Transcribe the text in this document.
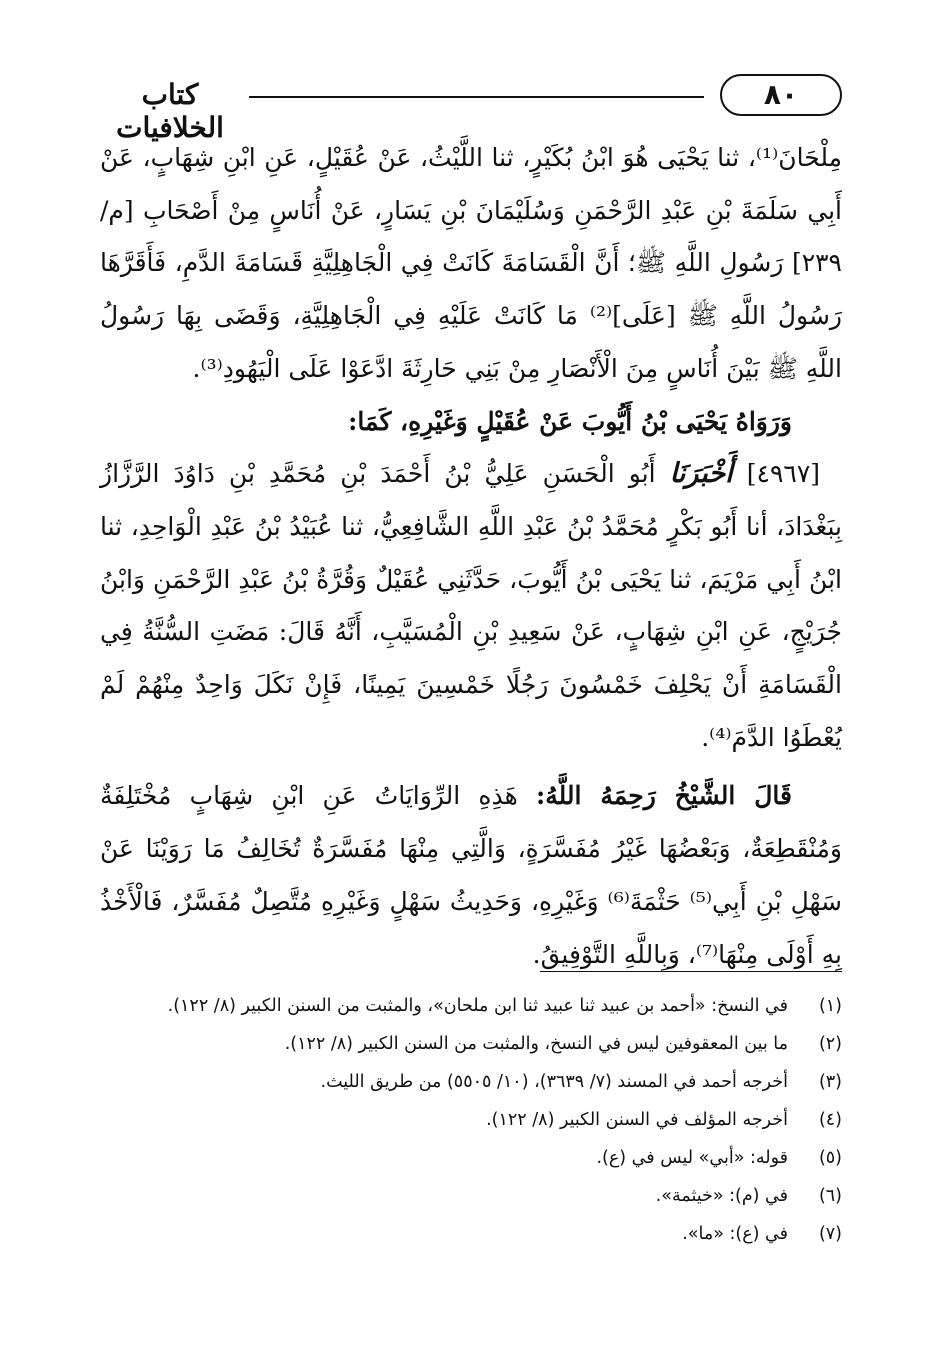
كتاب الخلافيات
٨٠

مِلْحَانَ⁽¹⁾، ثنا يَحْيَى هُوَ ابْنُ بُكَيْرٍ، ثنا اللَّيْثُ، عَنْ عُقَيْلٍ، عَنِ ابْنِ شِهَابٍ، عَنْ أَبِي سَلَمَةَ بْنِ عَبْدِ الرَّحْمَنِ وَسُلَيْمَانَ بْنِ يَسَارٍ، عَنْ أُنَاسٍ مِنْ أَصْحَابِ [م/ ٢٣٩] رَسُولِ اللَّهِ ﷺ؛ أَنَّ الْقَسَامَةَ كَانَتْ فِي الْجَاهِلِيَّةِ قَسَامَةَ الدَّمِ، فَأَقَرَّهَا رَسُولُ اللَّهِ ﷺ [عَلَى]⁽²⁾ مَا كَانَتْ عَلَيْهِ فِي الْجَاهِلِيَّةِ، وَقَضَى بِهَا رَسُولُ اللَّهِ ﷺ بَيْنَ أُنَاسٍ مِنَ الْأَنْصَارِ مِنْ بَنِي حَارِثَةَ ادَّعَوْا عَلَى الْيَهُودِ⁽³⁾.

وَرَوَاهُ يَحْيَى بْنُ أَيُّوبَ عَنْ عُقَيْلٍ وَغَيْرِهِ، كَمَا:

[٤٩٦٧] أَخْبَرَنَا أَبُو الْحَسَنِ عَلِيُّ بْنُ أَحْمَدَ بْنِ مُحَمَّدِ بْنِ دَاوُدَ الرَّزَّازُ بِبَغْدَادَ، أنا أَبُو بَكْرٍ مُحَمَّدُ بْنُ عَبْدِ اللَّهِ الشَّافِعِيُّ، ثنا عُبَيْدُ بْنُ عَبْدِ الْوَاحِدِ، ثنا ابْنُ أَبِي مَرْيَمَ، ثنا يَحْيَى بْنُ أَيُّوبَ، حَدَّثَنِي عُقَيْلٌ وَقُرَّةُ بْنُ عَبْدِ الرَّحْمَنِ وَابْنُ جُرَيْجٍ، عَنِ ابْنِ شِهَابٍ، عَنْ سَعِيدِ بْنِ الْمُسَيَّبِ، أَنَّهُ قَالَ: مَضَتِ السُّنَّةُ فِي الْقَسَامَةِ أَنْ يَحْلِفَ خَمْسُونَ رَجُلًا خَمْسِينَ يَمِينًا، فَإِنْ نَكَلَ وَاحِدٌ مِنْهُمْ لَمْ يُعْطَوُا الدَّمَ⁽⁴⁾.

قَالَ الشَّيْخُ رَحِمَهُ اللَّهُ: هَذِهِ الرِّوَايَاتُ عَنِ ابْنِ شِهَابٍ مُخْتَلِفَةٌ وَمُنْقَطِعَةٌ، وَبَعْضُهَا غَيْرُ مُفَسَّرَةٍ، وَالَّتِي مِنْهَا مُفَسَّرَةٌ تُخَالِفُ مَا رَوَيْنَا عَنْ سَهْلِ بْنِ أَبِي⁽⁵⁾ حَثْمَةَ⁽⁶⁾ وَغَيْرِهِ، وَحَدِيثُ سَهْلٍ وَغَيْرِهِ مُتَّصِلٌ مُفَسَّرٌ، فَالْأَخْذُ بِهِ أَوْلَى مِنْهَا⁽⁷⁾، وَبِاللَّهِ التَّوْفِيقُ.

(١)
في النسخ: «أحمد بن عبيد ثنا عبيد ثنا ابن ملحان»، والمثبت من السنن الكبير (٨/ ١٢٢).
(٢)
ما بين المعقوفين ليس في النسخ، والمثبت من السنن الكبير (٨/ ١٢٢).
(٣)
أخرجه أحمد في المسند (٧/ ٣٦٣٩)، (١٠/ ٥٥٠٥) من طريق الليث.
(٤)
أخرجه المؤلف في السنن الكبير (٨/ ١٢٢).
(٥)
قوله: «أبي» ليس في (ع).
(٦)
في (م): «خيثمة».
(٧)
في (ع): «ما».
